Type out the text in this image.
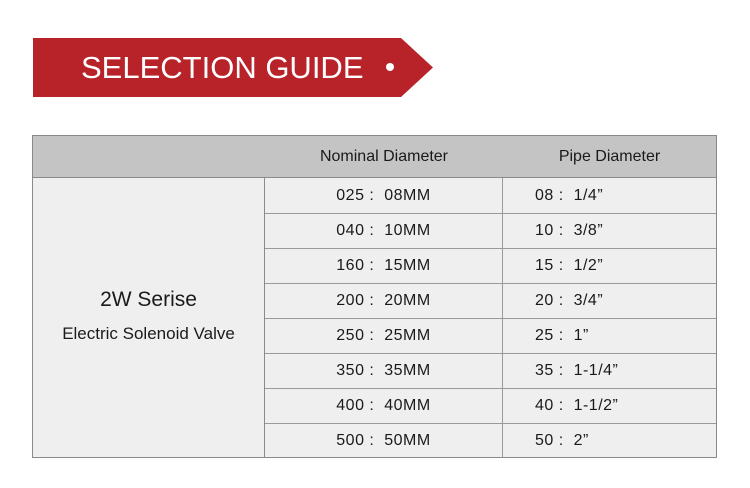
SELECTION GUIDE
Nominal Diameter	Pipe Diameter
2W Serise
Electric Solenoid Valve
025 :  08MM	08 :  1/4”
040 :  10MM	10 :  3/8”
160 :  15MM	15 :  1/2”
200 :  20MM	20 :  3/4”
250 :  25MM	25 :  1”
350 :  35MM	35 :  1-1/4”
400 :  40MM	40 :  1-1/2”
500 :  50MM	50 :  2”
